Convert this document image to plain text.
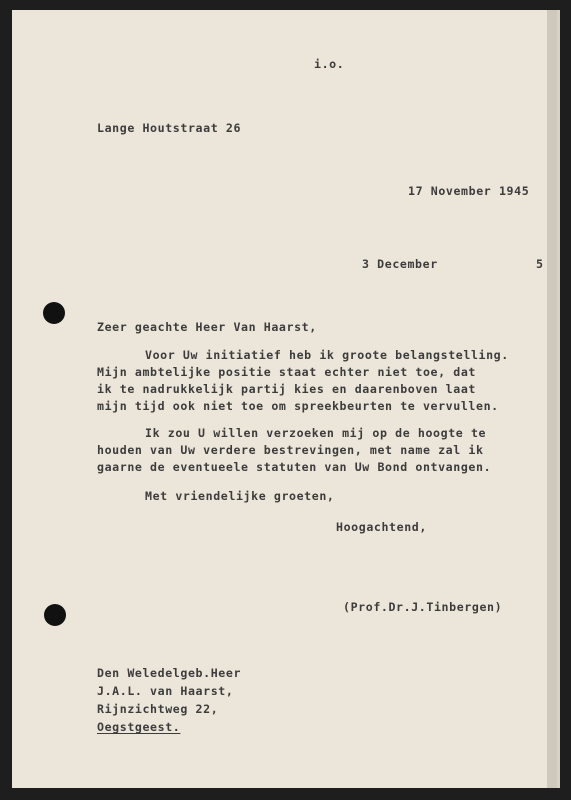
i.o.
Lange Houtstraat 26
17 November 1945
3 December	5
Zeer geachte Heer Van Haarst,
Voor Uw initiatief heb ik groote belangstelling.
Mijn ambtelijke positie staat echter niet toe, dat
ik te nadrukkelijk partij kies en daarenboven laat
mijn tijd ook niet toe om spreekbeurten te vervullen.
Ik zou U willen verzoeken mij op de hoogte te
houden van Uw verdere bestrevingen, met name zal ik
gaarne de eventueele statuten van Uw Bond ontvangen.
Met vriendelijke groeten,
Hoogachtend,
(Prof.Dr.J.Tinbergen)
Den Weledelgeb.Heer
J.A.L. van Haarst,
Rijnzichtweg 22,
Oegstgeest.
